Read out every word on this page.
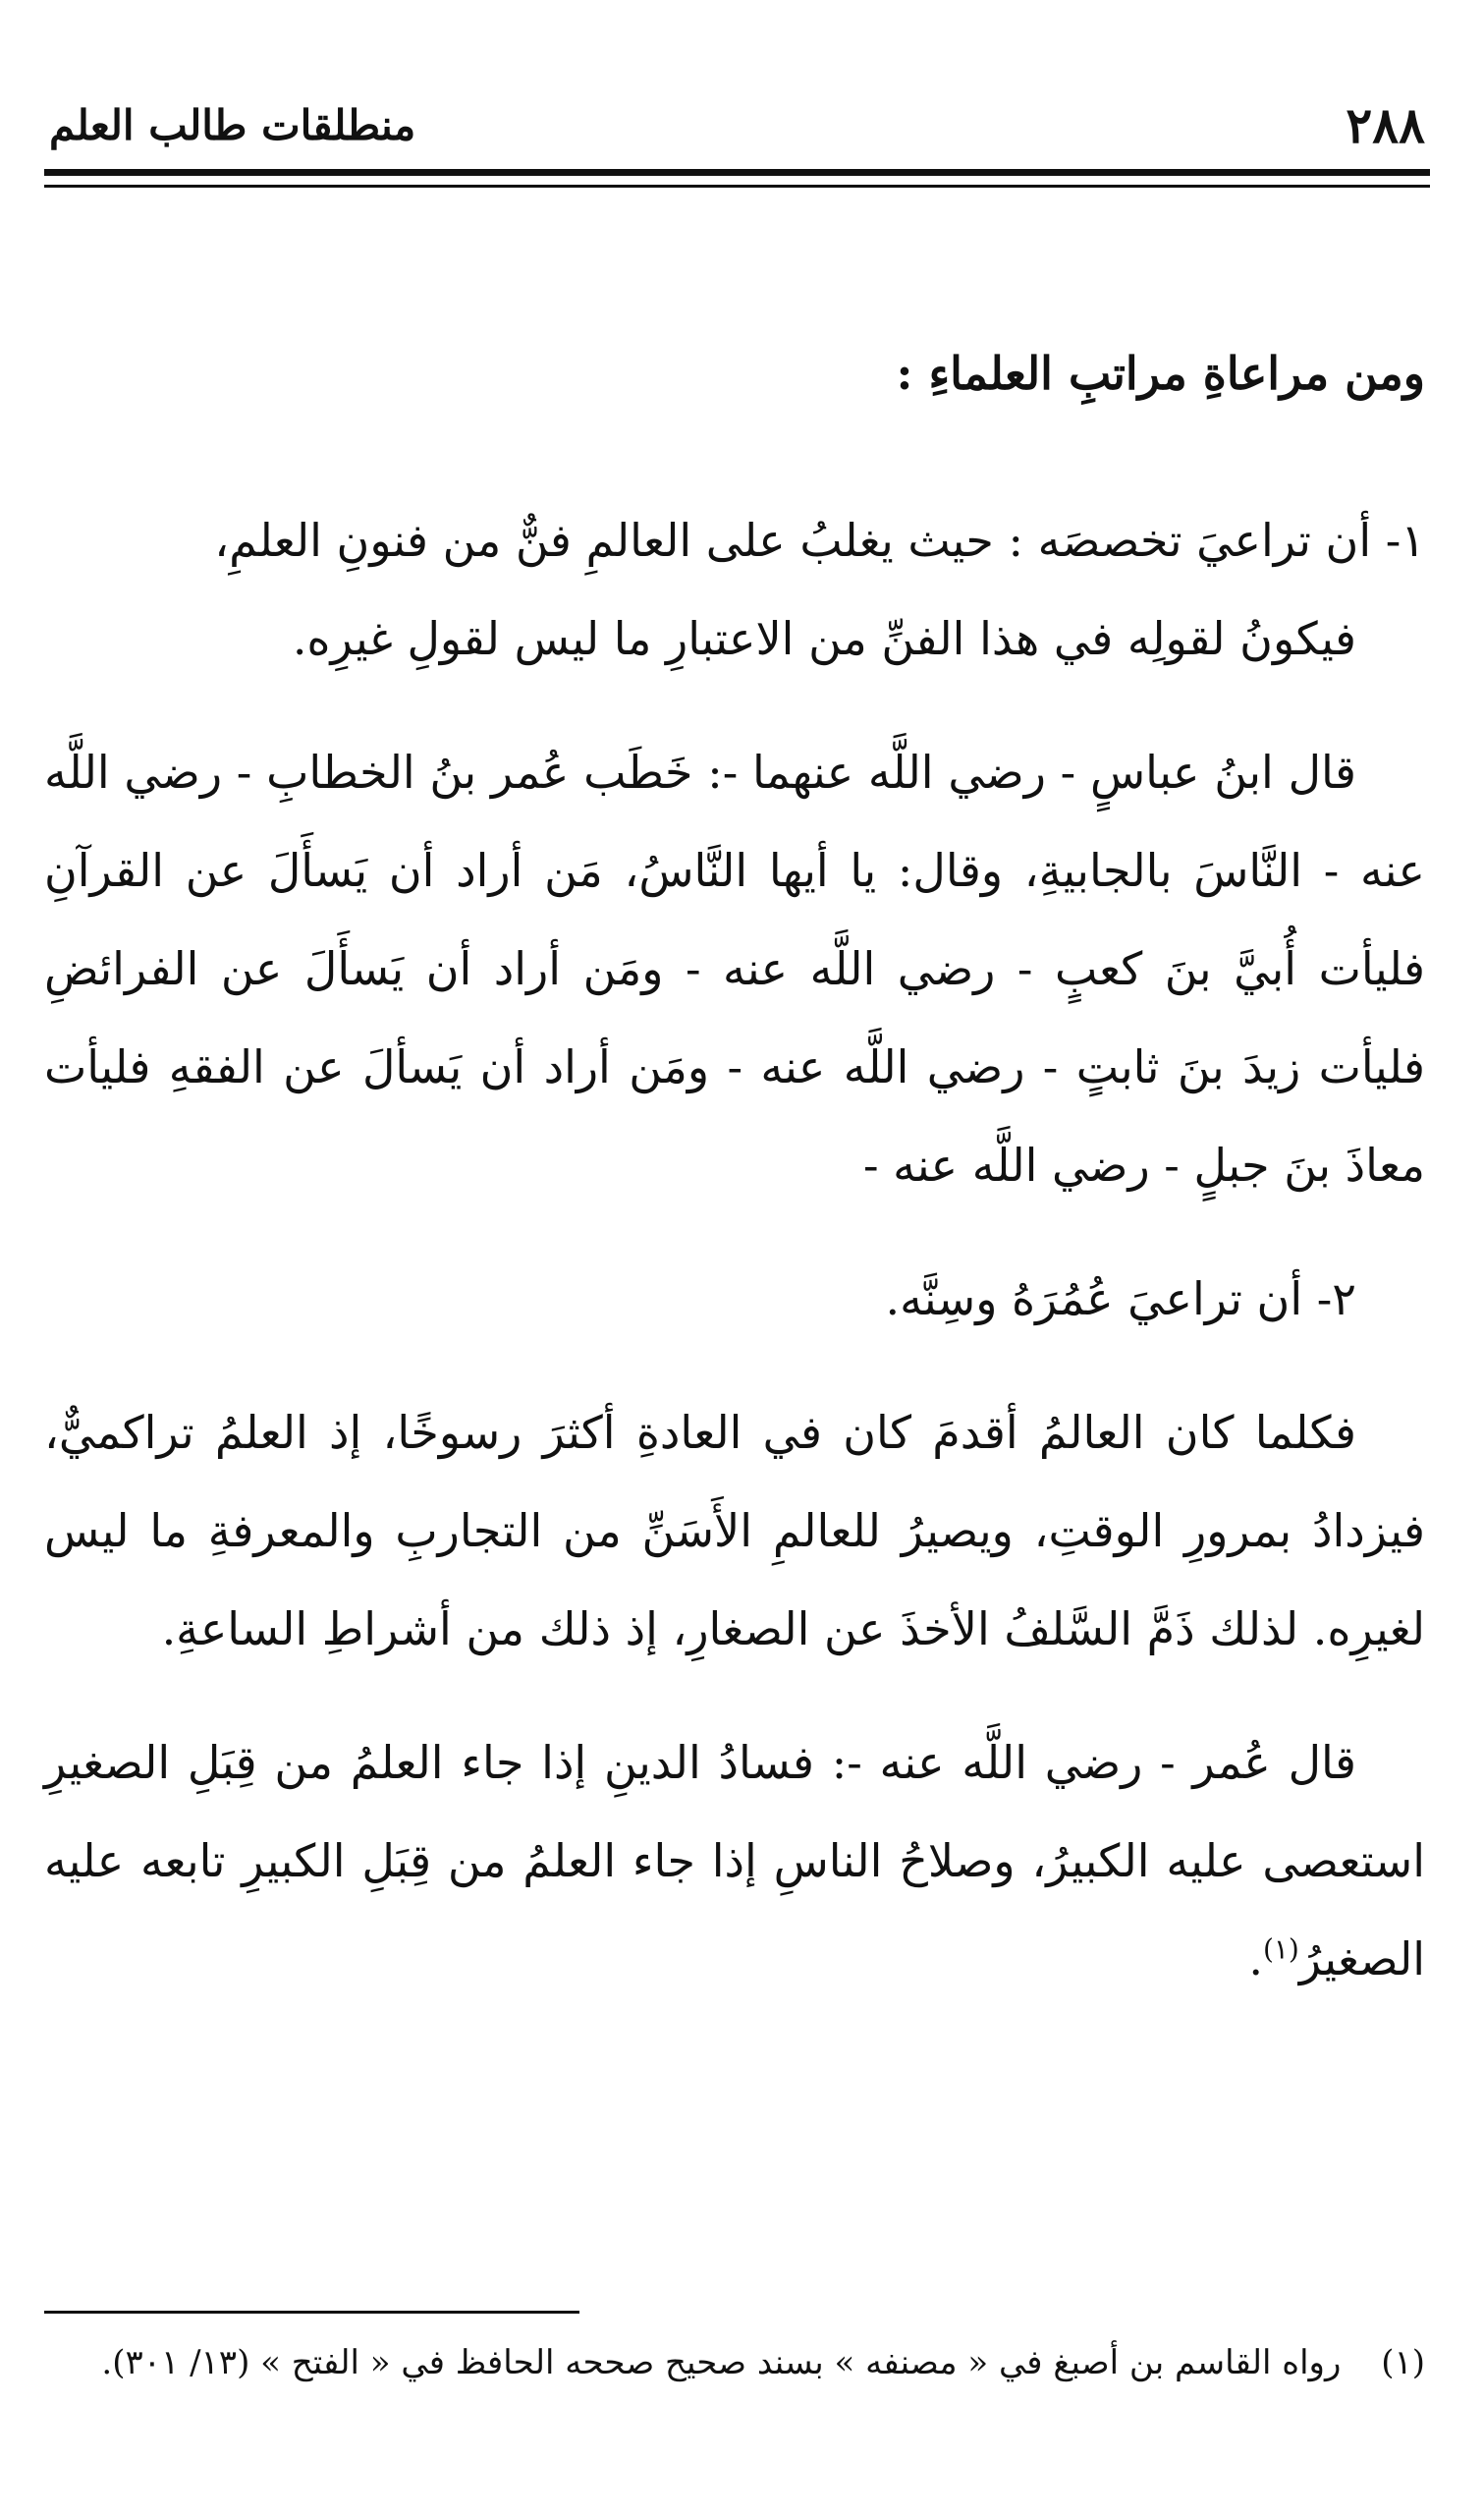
٢٨٨
منطلقات طالب العلم

ومن مراعاةِ مراتبِ العلماءِ :

١- أن تراعيَ تخصصَه : حيث يغلبُ على العالمِ فنٌّ من فنونِ العلمِ،
فيكونُ لقولِه في هذا الفنِّ من الاعتبارِ ما ليس لقولِ غيرِه.

قال ابنُ عباسٍ - رضي اللَّه عنهما -: خَطَب عُمر بنُ الخطابِ - رضي اللَّه عنه - النَّاسَ بالجابيةِ، وقال: يا أيها النَّاسُ، مَن أراد أن يَسأَلَ عن القرآنِ فليأت أُبيَّ بنَ كعبٍ - رضي اللَّه عنه - ومَن أراد أن يَسأَلَ عن الفرائضِ فليأت زيدَ بنَ ثابتٍ - رضي اللَّه عنه - ومَن أراد أن يَسألَ عن الفقهِ فليأت معاذَ بنَ جبلٍ - رضي اللَّه عنه -

٢- أن تراعيَ عُمُرَهُ وسِنَّه.

فكلما كان العالمُ أقدمَ كان في العادةِ أكثرَ رسوخًا، إذ العلمُ تراكميٌّ، فيزدادُ بمرورِ الوقتِ، ويصيرُ للعالمِ الأَسَنِّ من التجاربِ والمعرفةِ ما ليس لغيرِه. لذلك ذَمَّ السَّلفُ الأخذَ عن الصغارِ، إذ ذلك من أشراطِ الساعةِ.

قال عُمر - رضي اللَّه عنه -: فسادُ الدينِ إذا جاء العلمُ من قِبَلِ الصغيرِ استعصى عليه الكبيرُ، وصلاحُ الناسِ إذا جاء العلمُ من قِبَلِ الكبيرِ تابعه عليه الصغيرُ$^{(١)}$.

(١) رواه القاسم بن أصبغ في « مصنفه » بسند صحيح صححه الحافظ في « الفتح » (١٣/ ٣٠١).
